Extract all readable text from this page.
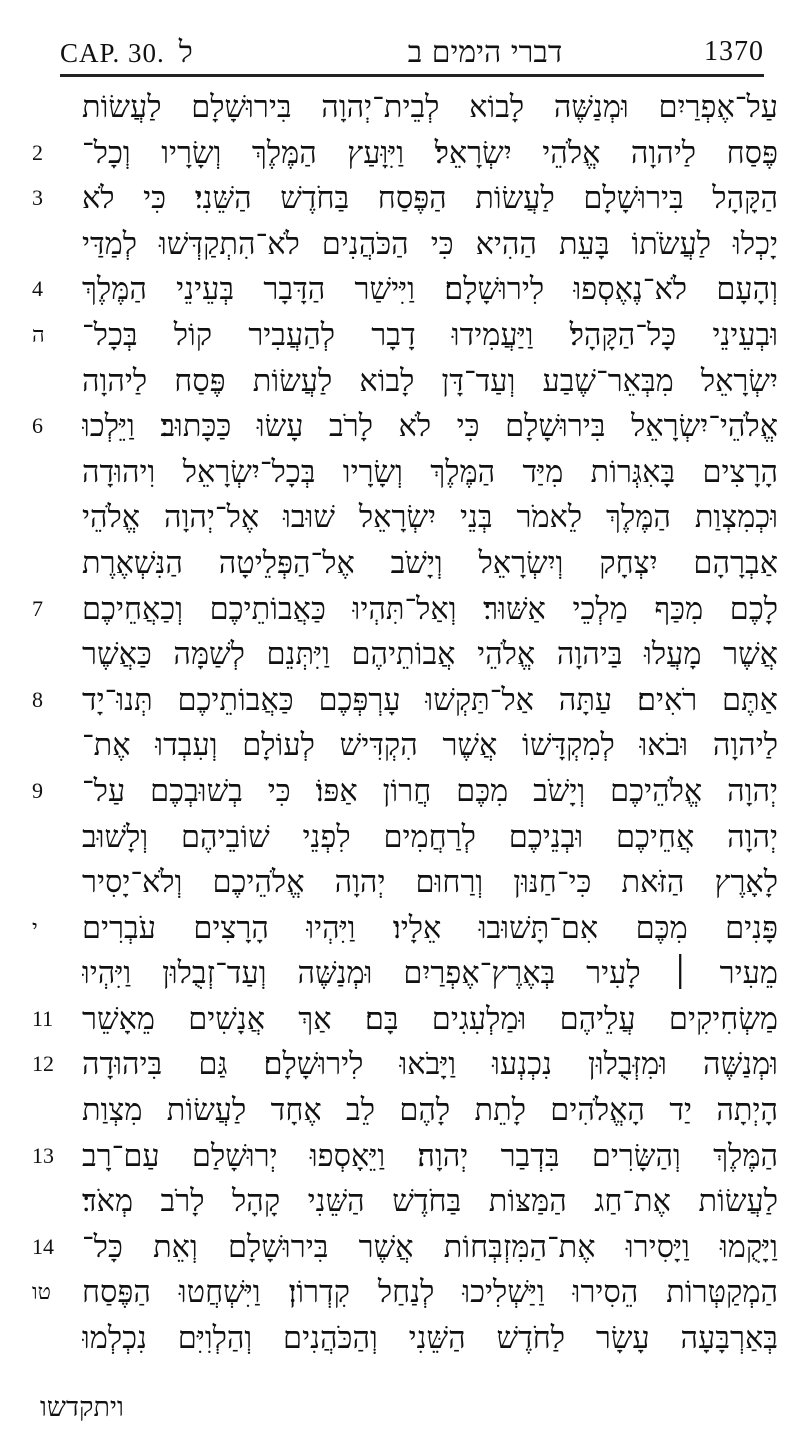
CAP. 30. ל	דברי הימים ב	1370
עַל־אֶפְרַיִם וּמְנַשֶּׁה לָבוֹא לְבֵית־יְהוָה בִּירוּשָׁלָם לַעֲשׂוֹת
2	פֶּסַח לַיהוָה אֱלֹהֵי יִשְׂרָאֵל׃ וַיִּוָּעַץ הַמֶּלֶךְ וְשָׂרָיו וְכָל־
3	הַקָּהָל בִּירוּשָׁלָם לַעֲשׂוֹת הַפֶּסַח בַּחֹדֶשׁ הַשֵּׁנִי׃ כִּי לֹא
יָכְלוּ לַעֲשֹׂתוֹ בָּעֵת הַהִיא כִּי הַכֹּהֲנִים לֹא־הִתְקַדְּשׁוּ לְמַדַּי
4	וְהָעָם לֹא־נֶאֶסְפוּ לִירוּשָׁלָם׃ וַיִּישַׁר הַדָּבָר בְּעֵינֵי הַמֶּלֶךְ
ה	וּבְעֵינֵי כָּל־הַקָּהָל׃ וַיַּעֲמִידוּ דָבָר לְהַעֲבִיר קוֹל בְּכָל־
יִשְׂרָאֵל מִבְּאֵר־שֶׁבַע וְעַד־דָּן לָבוֹא לַעֲשׂוֹת פֶּסַח לַיהוָה
6	אֱלֹהֵי־יִשְׂרָאֵל בִּירוּשָׁלָם כִּי לֹא לָרֹב עָשׂוּ כַּכָּתוּב׃ וַיֵּלְכוּ
הָרָצִים בָּאִגְּרוֹת מִיַּד הַמֶּלֶךְ וְשָׂרָיו בְּכָל־יִשְׂרָאֵל וִיהוּדָה
וּכְמִצְוַת הַמֶּלֶךְ לֵאמֹר בְּנֵי יִשְׂרָאֵל שׁוּבוּ אֶל־יְהוָה אֱלֹהֵי
אַבְרָהָם יִצְחָק וְיִשְׂרָאֵל וְיָשֹׁב אֶל־הַפְּלֵיטָה הַנִּשְׁאֶרֶת
7	לָכֶם מִכַּף מַלְכֵי אַשּׁוּר׃ וְאַל־תִּהְיוּ כַּאֲבוֹתֵיכֶם וְכַאֲחֵיכֶם
אֲשֶׁר מָעֲלוּ בַּיהוָה אֱלֹהֵי אֲבוֹתֵיהֶם וַיִּתְּנֵם לְשַׁמָּה כַּאֲשֶׁר
8	אַתֶּם רֹאִים׃ עַתָּה אַל־תַּקְשׁוּ עָרְפְּכֶם כַּאֲבוֹתֵיכֶם תְּנוּ־יָד
לַיהוָה וּבֹאוּ לְמִקְדָּשׁוֹ אֲשֶׁר הִקְדִּישׁ לְעוֹלָם וְעִבְדוּ אֶת־
9	יְהוָה אֱלֹהֵיכֶם וְיָשֹׁב מִכֶּם חֲרוֹן אַפּוֹ׃ כִּי בְשׁוּבְכֶם עַל־
יְהוָה אֲחֵיכֶם וּבְנֵיכֶם לְרַחֲמִים לִפְנֵי שׁוֹבֵיהֶם וְלָשׁוּב
לָאָרֶץ הַזֹּאת כִּי־חַנּוּן וְרַחוּם יְהוָה אֱלֹהֵיכֶם וְלֹא־יָסִיר
י	פָּנִים מִכֶּם אִם־תָּשׁוּבוּ אֵלָיו׃ וַיִּהְיוּ הָרָצִים עֹבְרִים
מֵעִיר ׀ לָעִיר בְּאֶרֶץ־אֶפְרַיִם וּמְנַשֶּׁה וְעַד־זְבֻלוּן וַיִּהְיוּ
11 מַשְׂחִיקִים עֲלֵיהֶם וּמַלְעִגִים בָּם׃ אַךְ אֲנָשִׁים מֵאָשֵׁר
12 וּמְנַשֶּׁה וּמִזְּבֻלוּן נִכְנְעוּ וַיָּבֹאוּ לִירוּשָׁלָם׃ גַּם בִּיהוּדָה
הָיְתָה יַד הָאֱלֹהִים לָתֵת לָהֶם לֵב אֶחָד לַעֲשׂוֹת מִצְוַת
13 הַמֶּלֶךְ וְהַשָּׂרִים בִּדְבַר יְהוָה׃ וַיֵּאָסְפוּ יְרוּשָׁלַם עַם־רָב
לַעֲשׂוֹת אֶת־חַג הַמַּצּוֹת בַּחֹדֶשׁ הַשֵּׁנִי קָהָל לָרֹב מְאֹד׃
14 וַיָּקֻמוּ וַיָּסִירוּ אֶת־הַמִּזְבְּחוֹת אֲשֶׁר בִּירוּשָׁלָם וְאֵת כָּל־
טו	הַמְקַטְּרוֹת הֵסִירוּ וַיַּשְׁלִיכוּ לְנַחַל קִדְרוֹן׃ וַיִּשְׁחֲטוּ הַפֶּסַח
בְּאַרְבָּעָה עָשָׂר לַחֹדֶשׁ הַשֵּׁנִי וְהַכֹּהֲנִים וְהַלְוִיִּם נִכְלְמוּ
ויתקדשו
